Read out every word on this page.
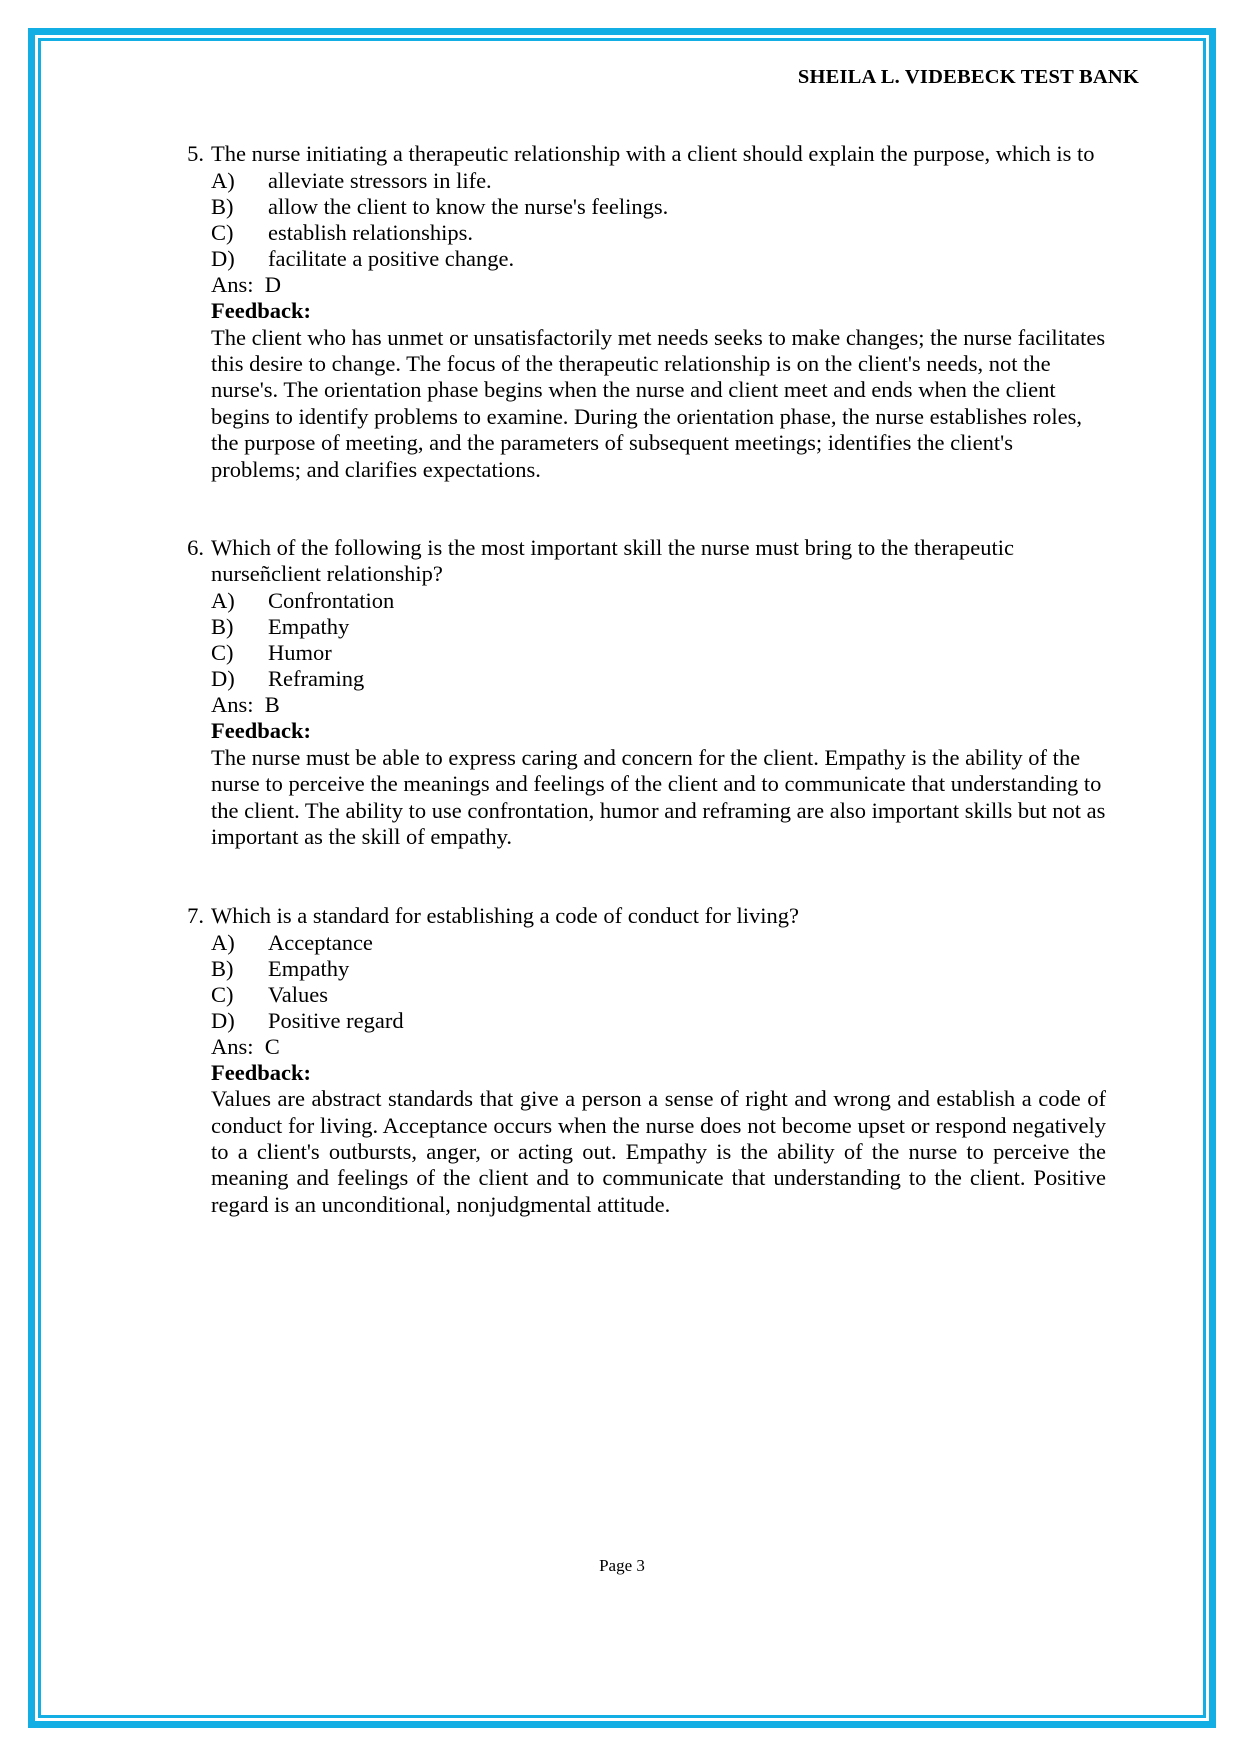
SHEILA L. VIDEBECK TEST BANK
5. The nurse initiating a therapeutic relationship with a client should explain the purpose, which is to
A)	alleviate stressors in life.
B)	allow the client to know the nurse's feelings.
C)	establish relationships.
D)	facilitate a positive change.
Ans:  D
Feedback:
The client who has unmet or unsatisfactorily met needs seeks to make changes; the nurse facilitates this desire to change. The focus of the therapeutic relationship is on the client's needs, not the nurse's. The orientation phase begins when the nurse and client meet and ends when the client begins to identify problems to examine. During the orientation phase, the nurse establishes roles, the purpose of meeting, and the parameters of subsequent meetings; identifies the client's problems; and clarifies expectations.
6. Which of the following is the most important skill the nurse must bring to the therapeutic nurseñclient relationship?
A)	Confrontation
B)	Empathy
C)	Humor
D)	Reframing
Ans:  B
Feedback:
The nurse must be able to express caring and concern for the client. Empathy is the ability of the nurse to perceive the meanings and feelings of the client and to communicate that understanding to the client. The ability to use confrontation, humor and reframing are also important skills but not as important as the skill of empathy.
7. Which is a standard for establishing a code of conduct for living?
A)	Acceptance
B)	Empathy
C)	Values
D)	Positive regard
Ans:  C
Feedback:
Values are abstract standards that give a person a sense of right and wrong and establish a code of conduct for living. Acceptance occurs when the nurse does not become upset or respond negatively to a client's outbursts, anger, or acting out. Empathy is the ability of the nurse to perceive the meaning and feelings of the client and to communicate that understanding to the client. Positive regard is an unconditional, nonjudgmental attitude.
Page 3
